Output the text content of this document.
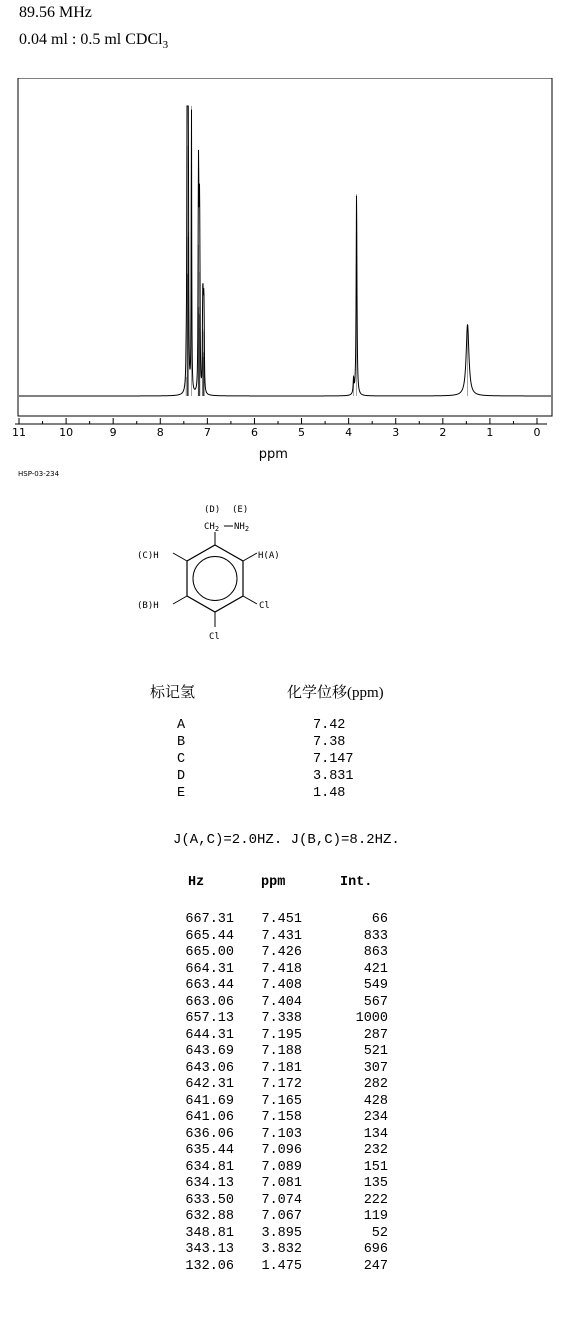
89.56 MHz
0.04 ml : 0.5 ml CDCl$_3$
11	10	9	8	7	6	5	4	3	2	1	0
ppm
HSP-03-234
(D) (E)
$CH_2$ $NH_2$
H(A)
(C)H
(B)H	Cl
Cl
标记氢	化学位移(ppm)
A	7.42
B	7.38
C	7.147
D	3.831
E	1.48
J(A,C)=2.0HZ. J(B,C)=8.2HZ.
Hz	ppm	Int.
667.31	7.451	66
665.44	7.431	833
665.00	7.426	863
664.31	7.418	421
663.44	7.408	549
663.06	7.404	567
657.13	7.338	1000
644.31	7.195	287
643.69	7.188	521
643.06	7.181	307
642.31	7.172	282
641.69	7.165	428
641.06	7.158	234
636.06	7.103	134
635.44	7.096	232
634.81	7.089	151
634.13	7.081	135
633.50	7.074	222
632.88	7.067	119
348.81	3.895	52
343.13	3.832	696
132.06	1.475	247
